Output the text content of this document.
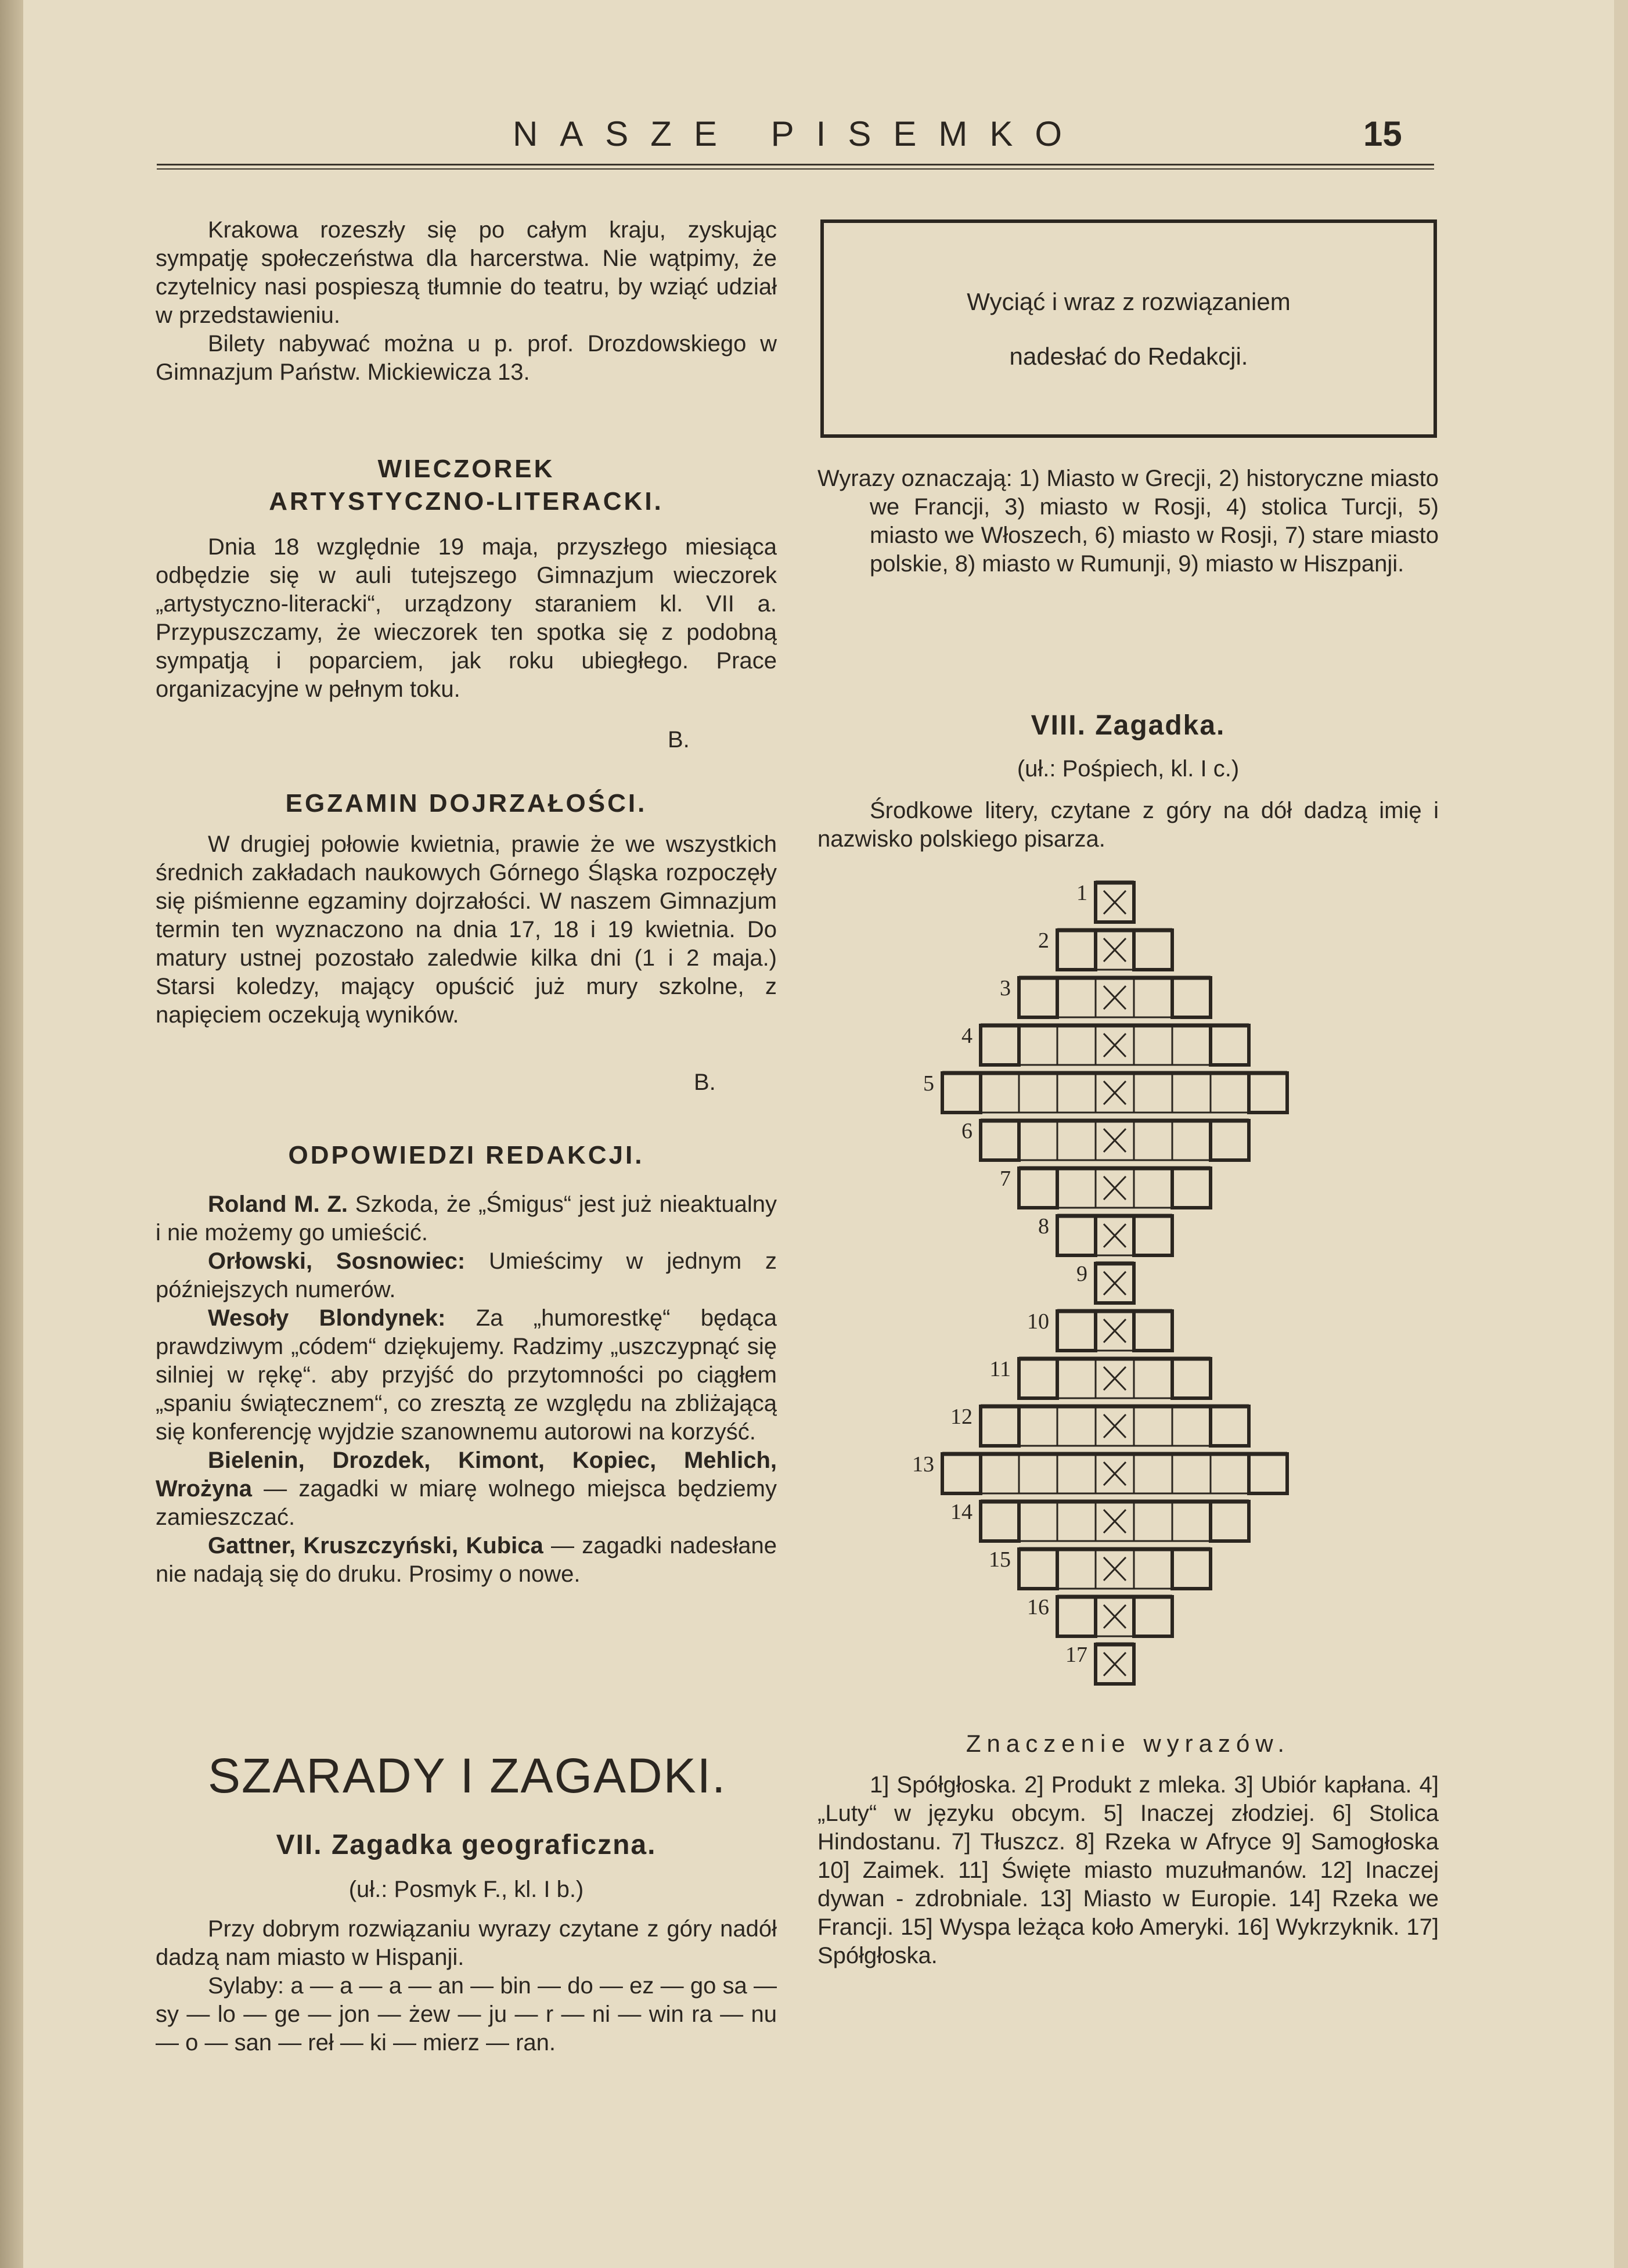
NASZE PISEMKO	15

Krakowa rozeszły się po całym kraju, zyskując sympatję społeczeństwa dla harcerstwa. Nie wątpimy, że czytelnicy nasi pospieszą tłumnie do teatru, by wziąć udział w przedstawieniu.

Bilety nabywać można u p. prof. Drozdowskiego w Gimnazjum Państw. Mickiewicza 13.

WIECZOREK
ARTYSTYCZNO-LITERACKI.

Dnia 18 względnie 19 maja, przyszłego miesiąca odbędzie się w auli tutejszego Gimnazjum wieczorek „artystyczno-literacki“, urządzony staraniem kl. VII a. Przypuszczamy, że wieczorek ten spotka się z podobną sympatją i poparciem, jak roku ubiegłego. Prace organizacyjne w pełnym toku.

B.
EGZAMIN DOJRZAŁOŚCI.

W drugiej połowie kwietnia, prawie że we wszystkich średnich zakładach naukowych Górnego Śląska rozpoczęły się piśmienne egzaminy dojrzałości. W naszem Gimnazjum termin ten wyznaczono na dnia 17, 18 i 19 kwietnia. Do matury ustnej pozostało zaledwie kilka dni (1 i 2 maja.) Starsi koledzy, mający opuścić już mury szkolne, z napięciem oczekują wyników.

B.
ODPOWIEDZI REDAKCJI.

Roland M. Z. Szkoda, że „Śmigus“ jest już nieaktualny i nie możemy go umieścić.

Orłowski, Sosnowiec: Umieścimy w jednym z późniejszych numerów.

Wesoły Blondynek: Za „humorestkę“ będąca prawdziwym „códem“ dziękujemy. Radzimy „uszczypnąć się silniej w rękę“. aby przyjść do przytomności po ciągłem „spaniu świątecznem“, co zresztą ze względu na zbliżającą się konferencję wyjdzie szanownemu autorowi na korzyść.

Bielenin, Drozdek, Kimont, Kopiec, Mehlich, Wrożyna — zagadki w miarę wolnego miejsca będziemy zamieszczać.

Gattner, Kruszczyński, Kubica — zagadki nadesłane nie nadają się do druku. Prosimy o nowe.

SZARADY I ZAGADKI.
VII. Zagadka geograficzna.
(uł.: Posmyk F., kl. I b.)

Przy dobrym rozwiązaniu wyrazy czytane z góry nadół dadzą nam miasto w Hispanji.

Sylaby: a — a — a — an — bin — do — ez — go sa — sy — lo — ge — jon — żew — ju — r — ni — win ra — nu — o — san — reł — ki — mierz — ran.

Wyciąć i wraz z rozwiązaniem
nadesłać do Redakcji.

Wyrazy oznaczają: 1) Miasto w Grecji, 2) historyczne miasto we Francji, 3) miasto w Rosji, 4) stolica Turcji, 5) miasto we Włoszech, 6) miasto w Rosji, 7) stare miasto polskie, 8) miasto w Rumunji, 9) miasto w Hiszpanji.

VIII. Zagadka.
(uł.: Pośpiech, kl. I c.)

Środkowe litery, czytane z góry na dół dadzą imię i nazwisko polskiego pisarza.

1
2
3
4
5
6
7
8
9
10
11
12
13
14
15
16
17
Znaczenie wyrazów.

1] Spółgłoska. 2] Produkt z mleka. 3] Ubiór kapłana. 4] „Luty“ w języku obcym. 5] Inaczej złodziej. 6] Stolica Hindostanu. 7] Tłuszcz. 8] Rzeka w Afryce 9] Samogłoska 10] Zaimek. 11] Święte miasto muzułmanów. 12] Inaczej dywan - zdrobniale. 13] Miasto w Europie. 14] Rzeka we Francji. 15] Wyspa leżąca koło Ameryki. 16] Wykrzyknik. 17] Spółgłoska.
